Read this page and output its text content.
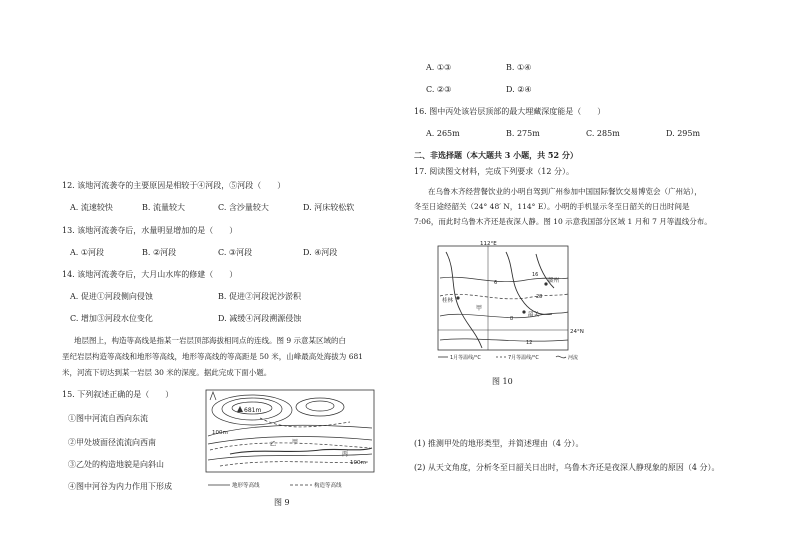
12. 该地河流袭夺的主要原因是相较于④河段，⑤河段（　　）
A. 流速较快	B. 流量较大	C. 含沙量较大	D. 河床较松软
13. 该地河流袭夺后，水量明显增加的是（　　）
A. ①河段	B. ②河段	C. ③河段	D. ④河段
14. 该地河流袭夺后，大月山水库的修建（　　）
A. 促进①河段侧向侵蚀	B. 促进②河段泥沙淤积
C. 增加③河段水位变化	D. 减缓④河段溯源侵蚀
地层图上，构造等高线是指某一岩层顶部海拔相同点的连线。图 9 示意某区域的白
垩纪岩层构造等高线和地形等高线，地形等高线的等高距是 50 米，山峰最高处海拔为 681
米，河流下切达到某一岩层 30 米的深度。据此完成下面小题。
15. 下列叙述正确的是（　　）
①图中河流自西向东流
②甲处坡面径流流向西南
③乙处的构造地貌是向斜山
④图中河谷为内力作用下形成
681m
100m
100m
甲
乙
丙
地形等高线	构造等高线
图 9
A. ①③	B. ①④
C. ②③	D. ②④
16. 图中丙处该岩层顶部的最大埋藏深度能是（　　）
A. 265m	B. 275m	C. 285m	D. 295m
二、非选择题（本大题共 3 小题，共 52 分）
17. 阅读图文材料，完成下列要求（12 分）。
在乌鲁木齐经营餐饮业的小明自驾到广州参加中国国际餐饮交易博览会（广州站），
冬至日途经韶关（24° 48′ N，114° E）。小明的手机显示冬至日韶关的日出时间是
7:06，而此时乌鲁木齐还是夜深人静。图 10 示意我国部分区域 1 月和 7 月等温线分布。
112°E
24°N
甲
赣州
桂林
韶关
16
6
8
28
12
1月等温线/°C	7月等温线/°C	河流
图 10
(1) 推测甲处的地形类型，并简述理由（4 分）。
(2) 从天文角度，分析冬至日韶关日出时，乌鲁木齐还是夜深人静现象的原因（4 分）。
